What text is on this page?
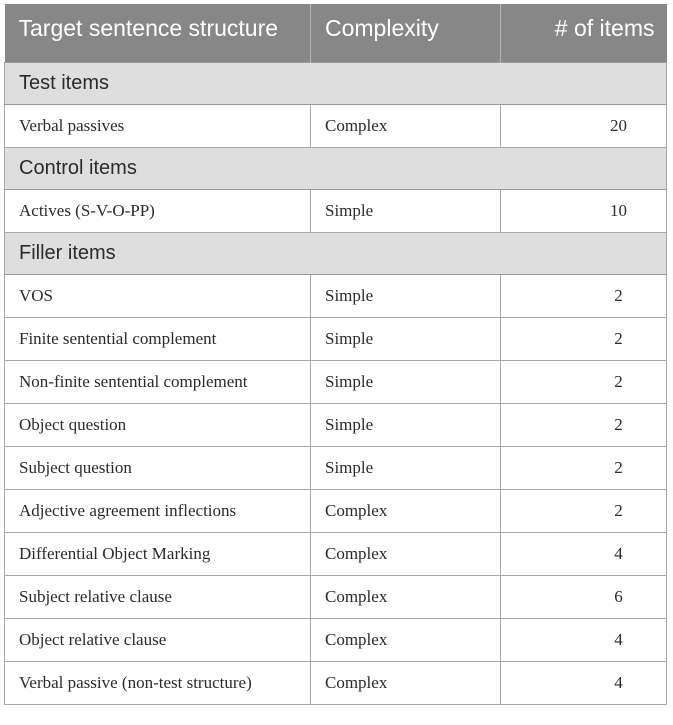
Target sentence structure	Complexity	# of items
Test items		
Verbal passives	Complex	20
Control items		
Actives (S-V-O-PP)	Simple	10
Filler items		
VOS	Simple	2
Finite sentential complement	Simple	2
Non-finite sentential complement	Simple	2
Object question	Simple	2
Subject question	Simple	2
Adjective agreement inflections	Complex	2
Differential Object Marking	Complex	4
Subject relative clause	Complex	6
Object relative clause	Complex	4
Verbal passive (non-test structure)	Complex	4
